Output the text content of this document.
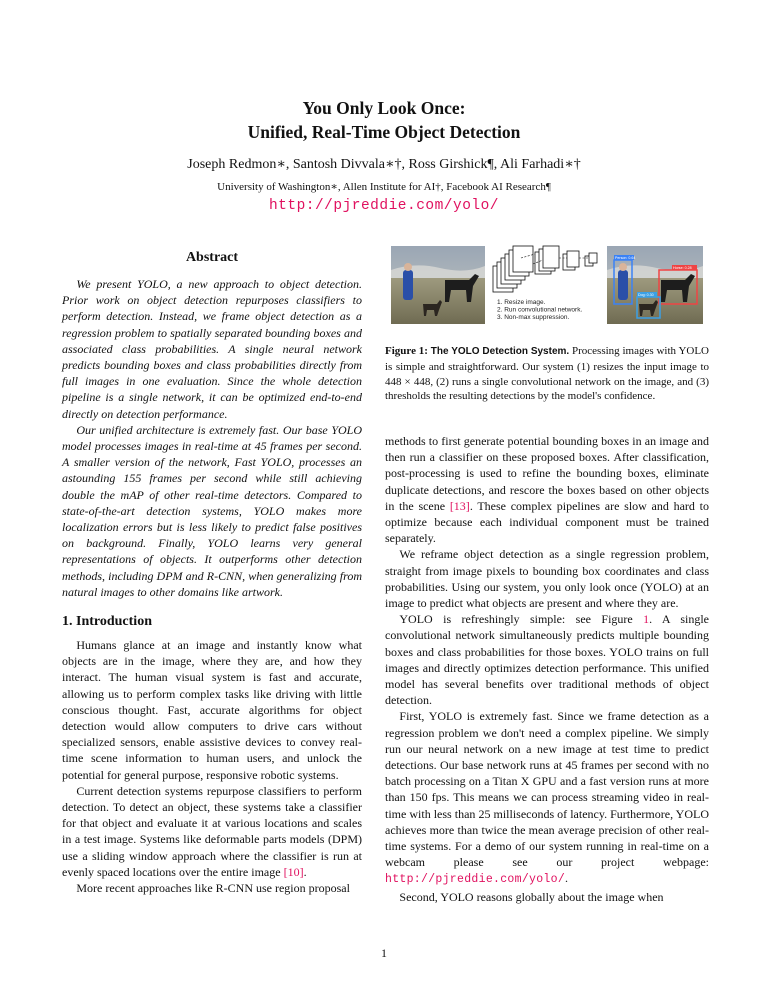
You Only Look Once:
Unified, Real-Time Object Detection
Joseph Redmon∗, Santosh Divvala∗†, Ross Girshick¶, Ali Farhadi∗†
University of Washington∗, Allen Institute for AI†, Facebook AI Research¶
http://pjreddie.com/yolo/
Abstract

We present YOLO, a new approach to object detection. Prior work on object detection repurposes classifiers to perform detection. Instead, we frame object detection as a regression problem to spatially separated bounding boxes and associated class probabilities. A single neural network predicts bounding boxes and class probabilities directly from full images in one evaluation. Since the whole detection pipeline is a single network, it can be optimized end-to-end directly on detection performance.

Our unified architecture is extremely fast. Our base YOLO model processes images in real-time at 45 frames per second. A smaller version of the network, Fast YOLO, processes an astounding 155 frames per second while still achieving double the mAP of other real-time detectors. Compared to state-of-the-art detection systems, YOLO makes more localization errors but is less likely to predict false positives on background. Finally, YOLO learns very general representations of objects. It outperforms other detection methods, including DPM and R-CNN, when generalizing from natural images to other domains like artwork.

1. Introduction

Humans glance at an image and instantly know what objects are in the image, where they are, and how they interact. The human visual system is fast and accurate, allowing us to perform complex tasks like driving with little conscious thought. Fast, accurate algorithms for object detection would allow computers to drive cars without specialized sensors, enable assistive devices to convey real-time scene information to human users, and unlock the potential for general purpose, responsive robotic systems.

Current detection systems repurpose classifiers to perform detection. To detect an object, these systems take a classifier for that object and evaluate it at various locations and scales in a test image. Systems like deformable parts models (DPM) use a sliding window approach where the classifier is run at evenly spaced locations over the entire image [10].

More recent approaches like R-CNN use region proposal

1. Resize image.
2. Run convolutional network.
3. Non-max suppression.
Person: 0.64
Horse: 0.28
Dog: 0.30
Figure 1: The YOLO Detection System. Processing images with YOLO is simple and straightforward. Our system (1) resizes the input image to 448 × 448, (2) runs a single convolutional network on the image, and (3) thresholds the resulting detections by the model's confidence.

methods to first generate potential bounding boxes in an image and then run a classifier on these proposed boxes. After classification, post-processing is used to refine the bounding boxes, eliminate duplicate detections, and rescore the boxes based on other objects in the scene [13]. These complex pipelines are slow and hard to optimize because each individual component must be trained separately.

We reframe object detection as a single regression problem, straight from image pixels to bounding box coordinates and class probabilities. Using our system, you only look once (YOLO) at an image to predict what objects are present and where they are.

YOLO is refreshingly simple: see Figure 1. A single convolutional network simultaneously predicts multiple bounding boxes and class probabilities for those boxes. YOLO trains on full images and directly optimizes detection performance. This unified model has several benefits over traditional methods of object detection.

First, YOLO is extremely fast. Since we frame detection as a regression problem we don't need a complex pipeline. We simply run our neural network on a new image at test time to predict detections. Our base network runs at 45 frames per second with no batch processing on a Titan X GPU and a fast version runs at more than 150 fps. This means we can process streaming video in real-time with less than 25 milliseconds of latency. Furthermore, YOLO achieves more than twice the mean average precision of other real-time systems. For a demo of our system running in real-time on a webcam please see our project webpage: http://pjreddie.com/yolo/.

Second, YOLO reasons globally about the image when

1
